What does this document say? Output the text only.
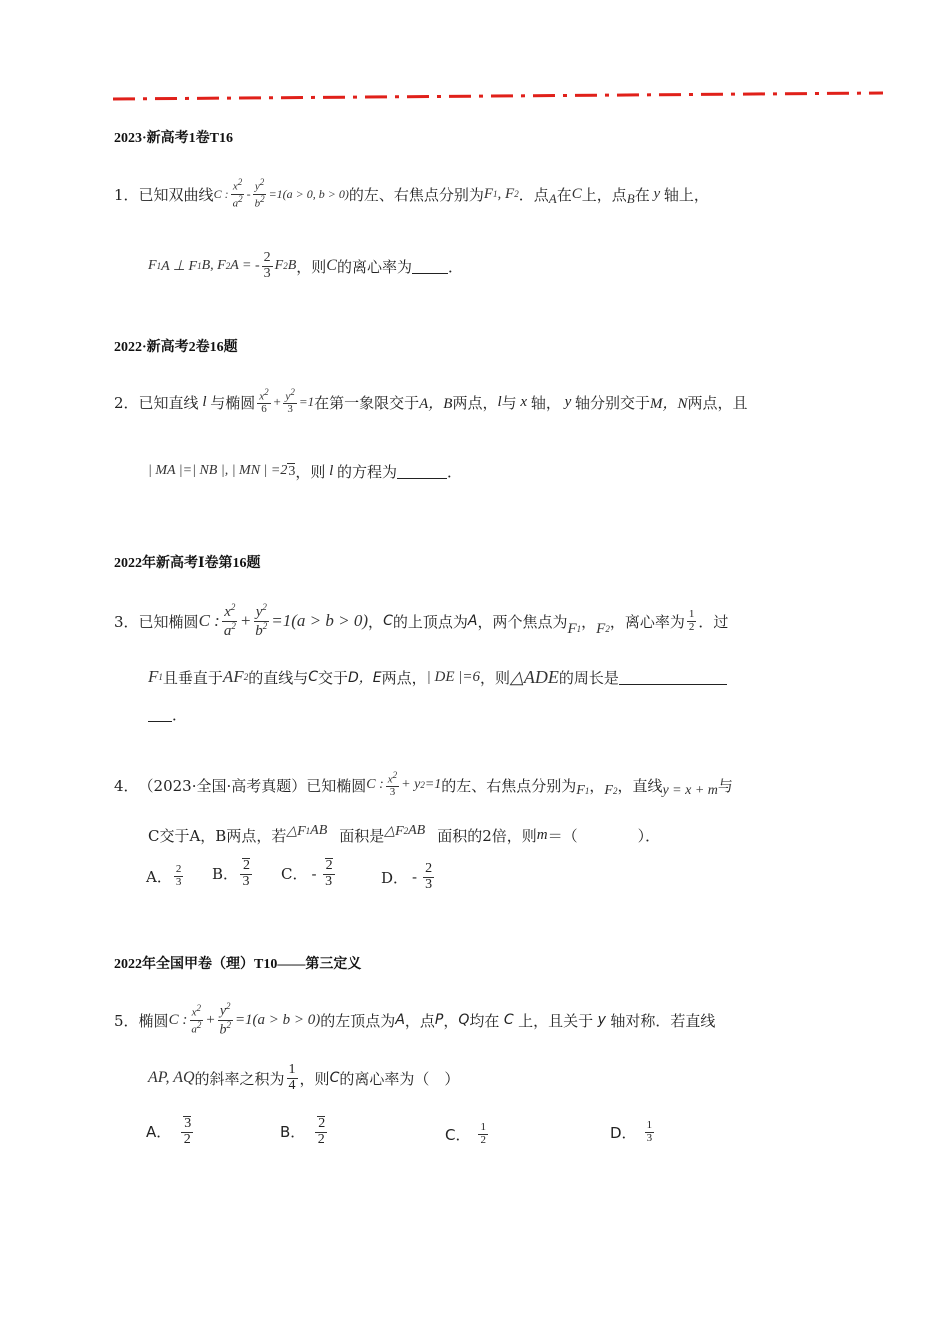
2023·新高考1卷T16
1． 已知双曲线 C : $\frac{x^2}{a^2} - \frac{y^2}{b^2} =1(a > 0$, b > 0) 的左、右焦点分别为 F 1 , F 2 ．点 A 在 C 上，点 B 在 y 轴上，
F 1 A ⊥ F 1 B, F 2 A = - $\frac{2}{3}$ F 2 B ，则 C 的离心率为 ．
2022·新高考2卷16题
2． 已知直线 l 与椭圆 $\frac{x^2}{6} + \frac{y^2}{3} =1$ 在第一象限交于 A，B 两点， l 与 x 轴， y 轴分别交于 M，N 两点，且
| MA |=| NB |, | MN | =2 3 ，则 l 的方程为	．
2022年新高考Ⅰ卷第16题
3． 已知椭圆 C : $\frac{x^2}{a^2} + \frac{y^2}{b^2} =1(a > b > 0)$ ， C 的上顶点为 A ，两个焦点为 F 1 ， F 2 ，离心率为 $\frac{1}{2}$ ．过
F 1 且垂直于 AF 2 的直线与 C 交于 D，E 两点， | DE |=6 ，则 △ADE 的周长是
．
4． （2023·全国·高考真题）已知椭圆 C : $\frac{x^2}{3} + y$ 2 =1 的左、右焦点分别为 F 1 ， F 2 ，直线 y = x + m 与
C交于A，B两点，若 △F 1 AB 面积是 △F 2 AB 面积的2倍，则 m ＝（　　　　）．
A． $\frac{2}{3}$ B． $\frac{2}{3}$ C． - $\frac{2}{3}$	D． - $\frac{2}{3}$
2022年全国甲卷（理）T10——第三定义
5． 椭圆 C : $\frac{x^2}{a^2} + \frac{y^2}{b^2} =1(a > b > 0)$ 的左顶点为 A ，点 P ， Q 均在 C 上，且关于 y 轴对称．若直线
AP, AQ 的斜率之积为 $\frac{1}{4}$ ，则 C 的离心率为（　）
A． $\frac{3}{2}$	B． $\frac{2}{2}$	C． $\frac{1}{2}$	D． $\frac{1}{3}$
